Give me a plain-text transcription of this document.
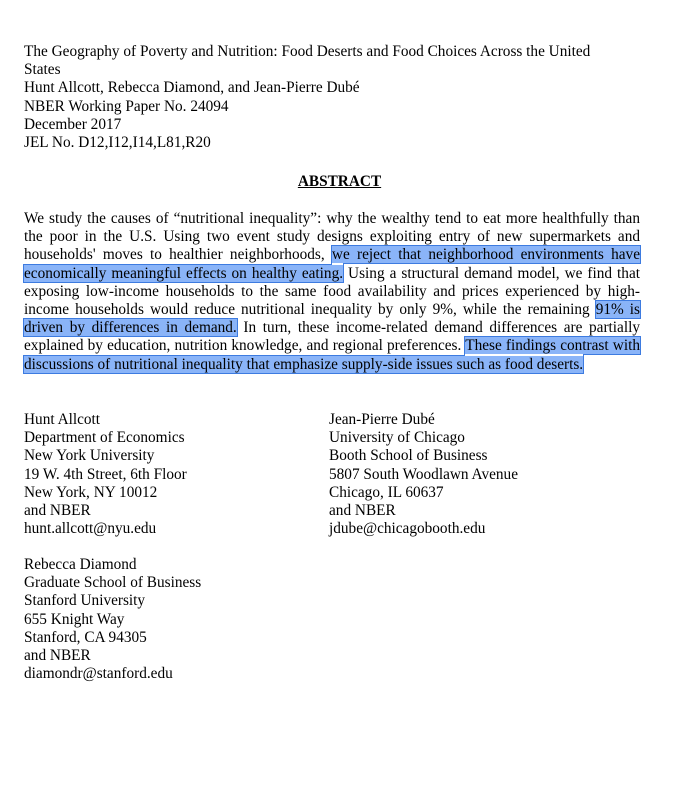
The Geography of Poverty and Nutrition: Food Deserts and Food Choices Across the United
States
Hunt Allcott, Rebecca Diamond, and Jean-Pierre Dubé
NBER Working Paper No. 24094
December 2017
JEL No. D12,I12,I14,L81,R20
ABSTRACT

We study the causes of “nutritional inequality”: why the wealthy tend to eat more healthfully than the poor in the U.S. Using two event study designs exploiting entry of new supermarkets and households' moves to healthier neighborhoods, we reject that neighborhood environments have economically meaningful effects on healthy eating. Using a structural demand model, we find that exposing low-income households to the same food availability and prices experienced by high-income households would reduce nutritional inequality by only 9%, while the remaining 91% is driven by differences in demand. In turn, these income-related demand differences are partially explained by education, nutrition knowledge, and regional preferences. These findings contrast with discussions of nutritional inequality that emphasize supply-side issues such as food deserts.

Hunt Allcott
Department of Economics
New York University
19 W. 4th Street, 6th Floor
New York, NY 10012
and NBER
hunt.allcott@nyu.edu
Jean-Pierre Dubé
University of Chicago
Booth School of Business
5807 South Woodlawn Avenue
Chicago, IL 60637
and NBER
jdube@chicagobooth.edu
Rebecca Diamond
Graduate School of Business
Stanford University
655 Knight Way
Stanford, CA 94305
and NBER
diamondr@stanford.edu
